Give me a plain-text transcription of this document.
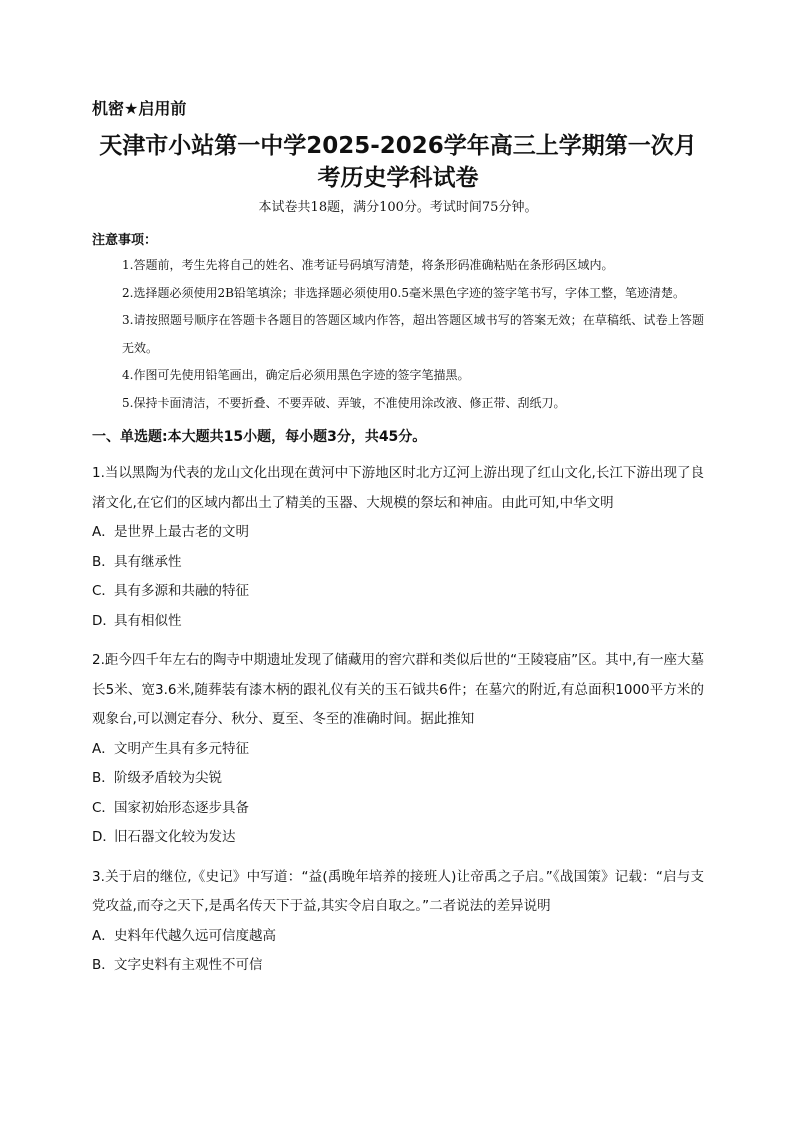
机密★启用前

天津市小站第一中学2025-2026学年高三上学期第一次月
考历史学科试卷

本试卷共18题，满分100分。考试时间75分钟。

注意事项：

1.答题前，考生先将自己的姓名、准考证号码填写清楚，将条形码准确粘贴在条形码区域内。
2.选择题必须使用2B铅笔填涂；非选择题必须使用0.5毫米黑色字迹的签字笔书写，字体工整，笔迹清楚。
3.请按照题号顺序在答题卡各题目的答题区域内作答，超出答题区域书写的答案无效；在草稿纸、试卷上答题无效。
4.作图可先使用铅笔画出，确定后必须用黑色字迹的签字笔描黑。
5.保持卡面清洁，不要折叠、不要弄破、弄皱，不准使用涂改液、修正带、刮纸刀。

一、单选题:本大题共15小题，每小题3分，共45分。

1.当以黑陶为代表的龙山文化出现在黄河中下游地区时北方辽河上游出现了红山文化,长江下游出现了良渚文化,在它们的区域内都出土了精美的玉器、大规模的祭坛和神庙。由此可知,中华文明

A．是世界上最古老的文明

B．具有继承性

C．具有多源和共融的特征

D．具有相似性

2.距今四千年左右的陶寺中期遗址发现了储藏用的窖穴群和类似后世的“王陵寝庙”区。其中,有一座大墓长5米、宽3.6米,随葬装有漆木柄的跟礼仪有关的玉石钺共6件；在墓穴的附近,有总面积1000平方米的观象台,可以测定春分、秋分、夏至、冬至的准确时间。据此推知

A．文明产生具有多元特征

B．阶级矛盾较为尖锐

C．国家初始形态逐步具备

D．旧石器文化较为发达

3.关于启的继位,《史记》中写道：“益(禹晚年培养的接班人)让帝禹之子启。”《战国策》记载：“启与支党攻益,而夺之天下,是禹名传天下于益,其实令启自取之。”二者说法的差异说明

A．史料年代越久远可信度越高

B．文字史料有主观性不可信
